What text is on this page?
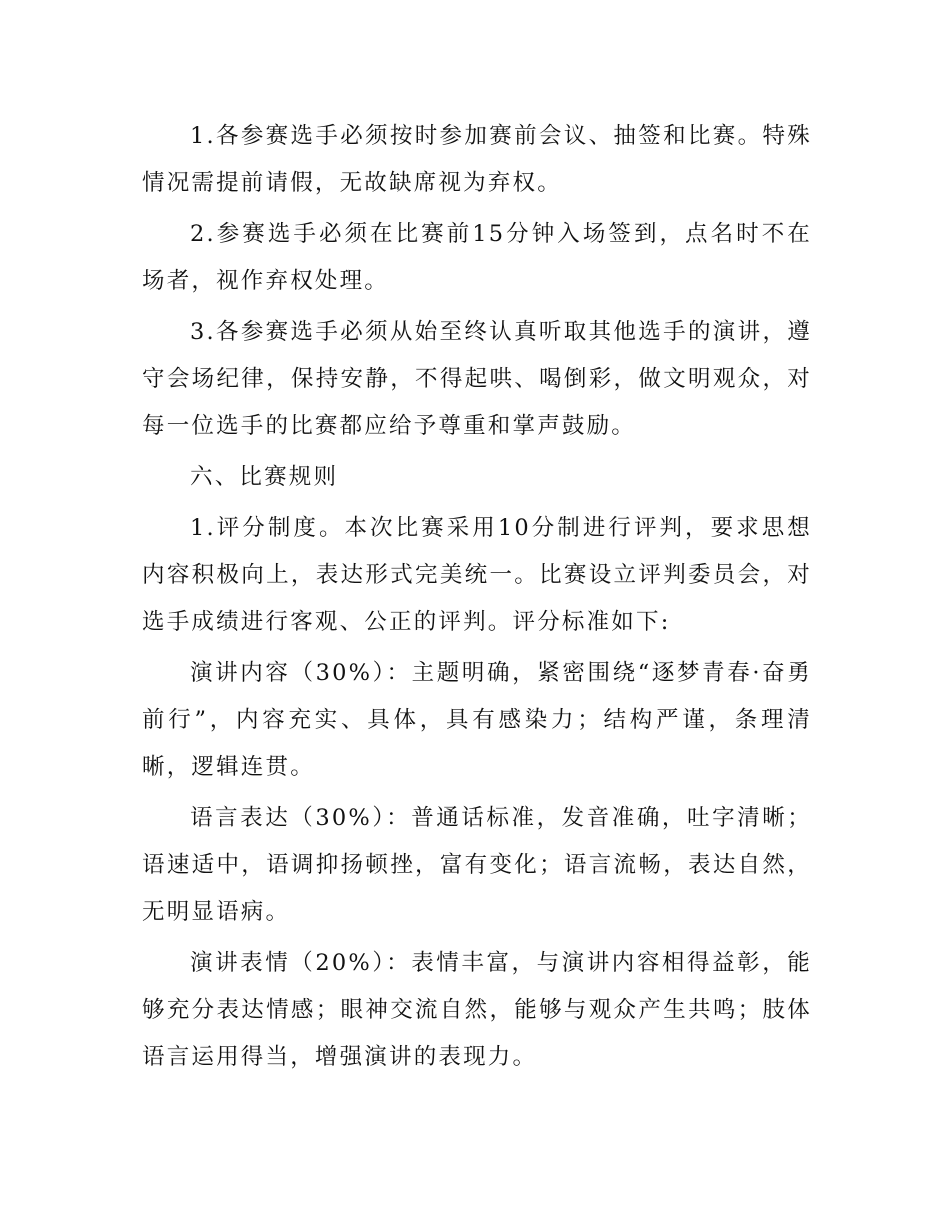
1.各参赛选手必须按时参加赛前会议、抽签和比赛。特殊情况需提前请假，无故缺席视为弃权。

2.参赛选手必须在比赛前15分钟入场签到，点名时不在场者，视作弃权处理。

3.各参赛选手必须从始至终认真听取其他选手的演讲，遵守会场纪律，保持安静，不得起哄、喝倒彩，做文明观众，对每一位选手的比赛都应给予尊重和掌声鼓励。

六、比赛规则

1.评分制度。本次比赛采用10分制进行评判，要求思想内容积极向上，表达形式完美统一。比赛设立评判委员会，对选手成绩进行客观、公正的评判。评分标准如下:

演讲内容（30%）：主题明确，紧密围绕“逐梦青春·奋勇前行”，内容充实、具体，具有感染力；结构严谨，条理清晰，逻辑连贯。

语言表达（30%）：普通话标准，发音准确，吐字清晰；语速适中，语调抑扬顿挫，富有变化；语言流畅，表达自然，无明显语病。

演讲表情（20%）：表情丰富，与演讲内容相得益彰，能够充分表达情感；眼神交流自然，能够与观众产生共鸣；肢体语言运用得当，增强演讲的表现力。
